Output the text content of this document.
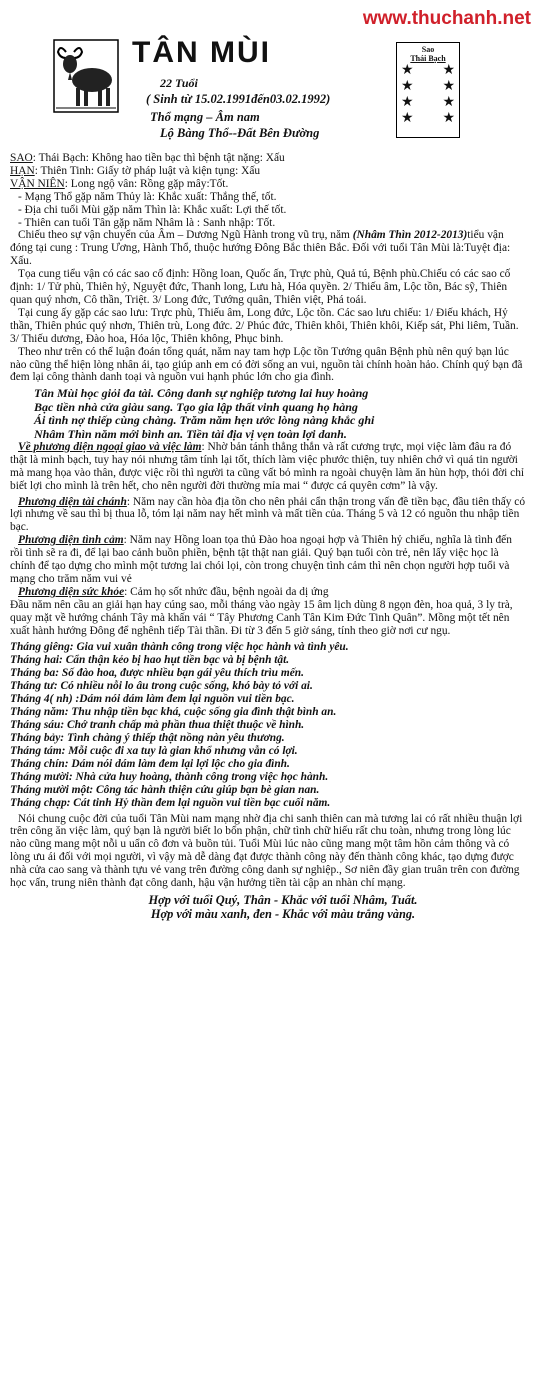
www.thuchanh.net
TÂN MÙI
22 Tuổi
( Sinh từ 15.02.1991đến03.02.1992)
Thổ mạng – Âm nam
Lộ Bàng Thổ--Đất Bên Đường
Sao
Thái Bạch
★	★
★	★
★	★
★	★

SAO: Thái Bạch: Không hao tiền bạc thì bệnh tật nặng: Xấu

HẠN: Thiên Tinh: Giấy tờ pháp luật và kiện tụng: Xấu

VẬN NIÊN: Long ngộ vân: Rồng gặp mây:Tốt.

- Mạng Thổ gặp năm Thủy là: Khắc xuất: Thắng thế, tốt.

- Địa chi tuổi Mùi gặp năm Thìn là: Khắc xuất: Lợi thế tốt.

- Thiên can tuổi Tân gặp năm Nhâm là : Sanh nhập: Tốt.

Chiếu theo sự vận chuyển của Âm – Dương Ngũ Hành trong vũ trụ, năm (Nhâm Thìn 2012-2013)tiểu vận đóng tại cung : Trung Ương, Hành Thổ, thuộc hướng Đông Bắc thiên Bắc. Đối với tuổi Tân Mùi là:Tuyệt địa: Xấu.

Tọa cung tiểu vận có các sao cố định: Hồng loan, Quốc ấn, Trực phù, Quả tú, Bệnh phù.Chiếu có các sao cố định: 1/ Tử phù, Thiên hỷ, Nguyệt đức, Thanh long, Lưu hà, Hóa quyền. 2/ Thiếu âm, Lộc tồn, Bác sỹ, Thiên quan quý nhơn, Cô thần, Triệt. 3/ Long đức, Tướng quân, Thiên việt, Phá toái.

Tại cung ấy gặp các sao lưu: Trực phù, Thiếu âm, Long đức, Lộc tồn. Các sao lưu chiếu: 1/ Điếu khách, Hỷ thần, Thiên phúc quý nhơn, Thiên trù, Long đức. 2/ Phúc đức, Thiên khôi, Thiên khôi, Kiếp sát, Phi liêm, Tuần. 3/ Thiếu dương, Đào hoa, Hóa lộc, Thiên không, Phục binh.

Theo như trên có thể luận đoán tổng quát, năm nay tam hợp Lộc tồn Tướng quân Bệnh phù nên quý bạn lúc nào cũng thể hiện lòng nhân ái, tạo giúp anh em có đời sống an vui, nguồn tài chính hoàn hảo. Chính quý bạn đã đem lại công thành danh toại và nguồn vui hạnh phúc lớn cho gia đình.

Tân Mùi học giỏi đa tài. Công danh sự nghiệp tương lai huy hoàng

Bạc tiền nhà cửa giàu sang. Tạo gia lập thất vinh quang họ hàng

Ái tình nợ thiếp cùng chàng. Trăm năm hẹn ước lòng nàng khắc ghi

Nhâm Thìn năm mới bình an. Tiền tài địa vị vẹn toàn lợi danh.

Về phương diện ngoại giao và việc làm: Nhờ bản tánh thẳng thắn và rất cương trực, mọi việc làm đâu ra đó thật là minh bạch, tuy hay nói nhưng tâm tính lại tốt, thích làm việc phước thiện, tuy nhiên chớ vì quá tin người mà mang họa vào thân, được việc rồi thì người ta cũng vất bỏ mình ra ngoài chuyện làm ăn hùn hợp, thói đời chỉ biết lợi cho mình là trên hết, cho nên người đời thường mỉa mai “ được cá quyên cơm” là vậy.

Phương diện tài chánh: Năm nay cần hòa địa tồn cho nên phải cẩn thận trong vấn đề tiền bạc, đầu tiên thấy có lợi nhưng về sau thì bị thua lỗ, tóm lại năm nay hết mình và mất tiền của. Tháng 5 và 12 có nguồn thu nhập tiền bạc.

Phương diện tình cảm: Năm nay Hồng loan tọa thủ Đào hoa ngoại hợp và Thiên hỷ chiếu, nghĩa là tình đến rồi tình sẽ ra đi, để lại bao cảnh buồn phiền, bệnh tật thật nan giải. Quý bạn tuổi còn trẻ, nên lấy việc học là chính để tạo dựng cho mình một tương lai chói lọi, còn trong chuyện tình cảm thì nên chọn người hợp tuổi và mạng cho trăm năm vui vẻ

Phương diện sức khỏe: Cảm họ sốt nhức đầu, bệnh ngoài da dị ứng

Đầu năm nên cầu an giải hạn hay cúng sao, mỗi tháng vào ngày 15 âm lịch dùng 8 ngọn đèn, hoa quả, 3 ly trà, quay mặt về hướng chánh Tây mà khấn vái “ Tây Phương Canh Tân Kim Đức Tinh Quân”. Mồng một tết nên xuất hành hướng Đông để nghênh tiếp Tài thần. Đi từ 3 đến 5 giờ sáng, tính theo giờ nơi cư ngụ.

Tháng giêng: Gia vui xuân thành công trong việc học hành và tình yêu.

Tháng hai: Cẩn thận kẻo bị hao hụt tiền bạc và bị bệnh tật.

Tháng ba: Số đào hoa, được nhiều bạn gái yêu thích trìu mến.

Tháng tư: Có nhiều nỗi lo âu trong cuộc sống, khó bày tỏ với ai.

Tháng 4( nh) :Dám nói dám làm đem lại nguồn vui tiền bạc.

Tháng năm: Thu nhập tiền bạc khá, cuộc sống gia đình thật bình an.

Tháng sáu: Chớ tranh chấp mà phần thua thiệt thuộc về hình.

Tháng bảy: Tình chàng ý thiếp thật nồng nàn yêu thương.

Tháng tám: Mỗi cuộc đi xa tuy là gian khổ nhưng vẫn có lợi.

Tháng chín: Dám nói dám làm đem lại lợi lộc cho gia đình.

Tháng mười: Nhà cửa huy hoàng, thành công trong việc học hành.

Tháng mười một: Công tác hành thiện cứu giúp bạn bè gian nan.

Tháng chạp: Cát tinh Hỷ thần đem lại nguồn vui tiền bạc cuối năm.

Nói chung cuộc đời của tuổi Tân Mùi nam mạng nhờ địa chi sanh thiên can mà tương lai có rất nhiều thuận lợi trên công ăn việc làm, quý bạn là người biết lo bổn phận, chữ tình chữ hiếu rất chu toàn, nhưng trong lòng lúc nào cũng mang một nỗi u uẩn cô đơn và buồn tủi. Tuổi Mùi lúc nào cũng mang một tâm hồn cảm thông và có lòng ưu ái đối với mọi người, vì vậy mà dễ dàng đạt được thành công này đến thành công khác, tạo dựng được nhà cửa cao sang và thành tựu vẻ vang trên đường công danh sự nghiệp., Sơ niên đầy gian truân trên con đường học vấn, trung niên thành đạt công danh, hậu vận hưởng tiền tài cập an nhàn chí mạng.

Hợp với tuổi Quý, Thân - Khắc với tuổi Nhâm, Tuất.

Hợp với màu xanh, đen - Khắc với màu trắng vàng.
